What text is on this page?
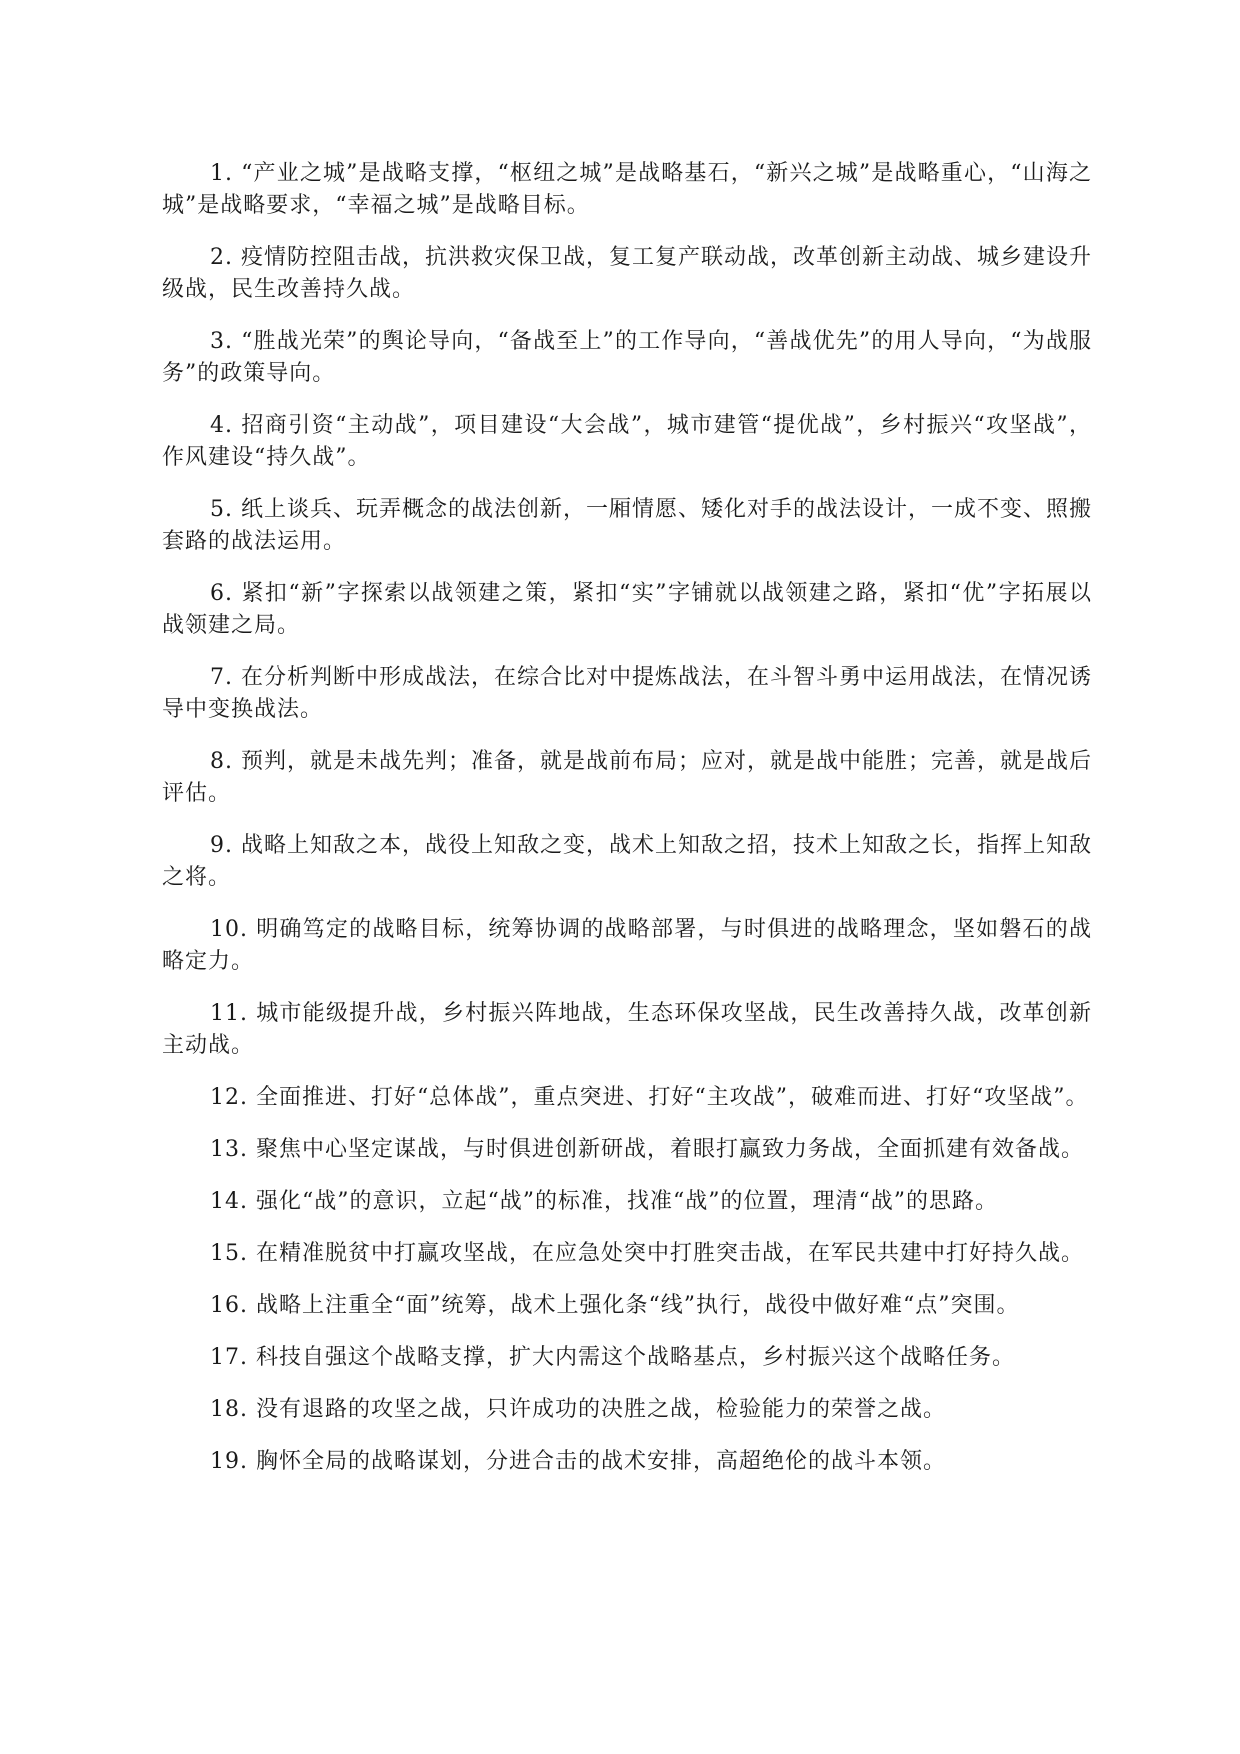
1. “产业之城”是战略支撑，“枢纽之城”是战略基石，“新兴之城”是战略重心，“山海之城”是战略要求，“幸福之城”是战略目标。

2. 疫情防控阻击战，抗洪救灾保卫战，复工复产联动战，改革创新主动战、城乡建设升级战，民生改善持久战。

3. “胜战光荣”的舆论导向，“备战至上”的工作导向，“善战优先”的用人导向，“为战服务”的政策导向。

4. 招商引资“主动战”，项目建设“大会战”，城市建管“提优战”，乡村振兴“攻坚战”，作风建设“持久战”。

5. 纸上谈兵、玩弄概念的战法创新，一厢情愿、矮化对手的战法设计，一成不变、照搬套路的战法运用。

6. 紧扣“新”字探索以战领建之策，紧扣“实”字铺就以战领建之路，紧扣“优”字拓展以战领建之局。

7. 在分析判断中形成战法，在综合比对中提炼战法，在斗智斗勇中运用战法，在情况诱导中变换战法。

8. 预判，就是未战先判；准备，就是战前布局；应对，就是战中能胜；完善，就是战后评估。

9. 战略上知敌之本，战役上知敌之变，战术上知敌之招，技术上知敌之长，指挥上知敌之将。

10. 明确笃定的战略目标，统筹协调的战略部署，与时俱进的战略理念，坚如磐石的战略定力。

11. 城市能级提升战，乡村振兴阵地战，生态环保攻坚战，民生改善持久战，改革创新主动战。

12. 全面推进、打好“总体战”，重点突进、打好“主攻战”，破难而进、打好“攻坚战”。

13. 聚焦中心坚定谋战，与时俱进创新研战，着眼打赢致力务战，全面抓建有效备战。

14. 强化“战”的意识，立起“战”的标准，找准“战”的位置，理清“战”的思路。

15. 在精准脱贫中打赢攻坚战，在应急处突中打胜突击战，在军民共建中打好持久战。

16. 战略上注重全“面”统筹，战术上强化条“线”执行，战役中做好难“点”突围。

17. 科技自强这个战略支撑，扩大内需这个战略基点，乡村振兴这个战略任务。

18. 没有退路的攻坚之战，只许成功的决胜之战，检验能力的荣誉之战。

19. 胸怀全局的战略谋划，分进合击的战术安排，高超绝伦的战斗本领。
